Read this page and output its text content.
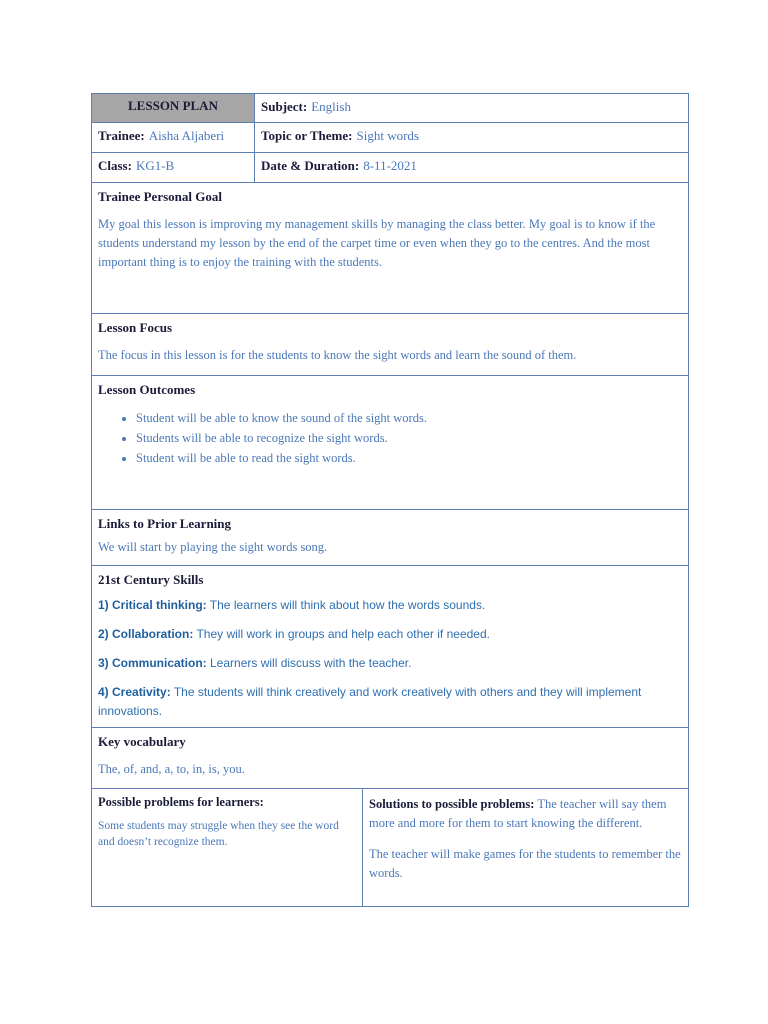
LESSON PLAN	Subject: English
Trainee: Aisha Aljaberi	Topic or Theme: Sight words
Class: KG1-B	Date & Duration: 8-11-2021
Trainee Personal Goal
My goal this lesson is improving my management skills by managing the class better. My goal is to know if the students understand my lesson by the end of the carpet time or even when they go to the centres. And the most important thing is to enjoy the training with the students.
Lesson Focus
The focus in this lesson is for the students to know the sight words and learn the sound of them.
Lesson Outcomes
• Student will be able to know the sound of the sight words.
• Students will be able to recognize the sight words.
• Student will be able to read the sight words.
Links to Prior Learning
We will start by playing the sight words song.
21st Century Skills

1) Critical thinking: The learners will think about how the words sounds.

2) Collaboration: They will work in groups and help each other if needed.

3) Communication: Learners will discuss with the teacher.

4) Creativity: The students will think creatively and work creatively with others and they will implement innovations.

Key vocabulary
The, of, and, a, to, in, is, you.
Possible problems for learners:
Some students may struggle when they see the word and doesn’t recognize them.
Solutions to possible problems: The teacher will say them more and more for them to start knowing the different.
The teacher will make games for the students to remember the words.
